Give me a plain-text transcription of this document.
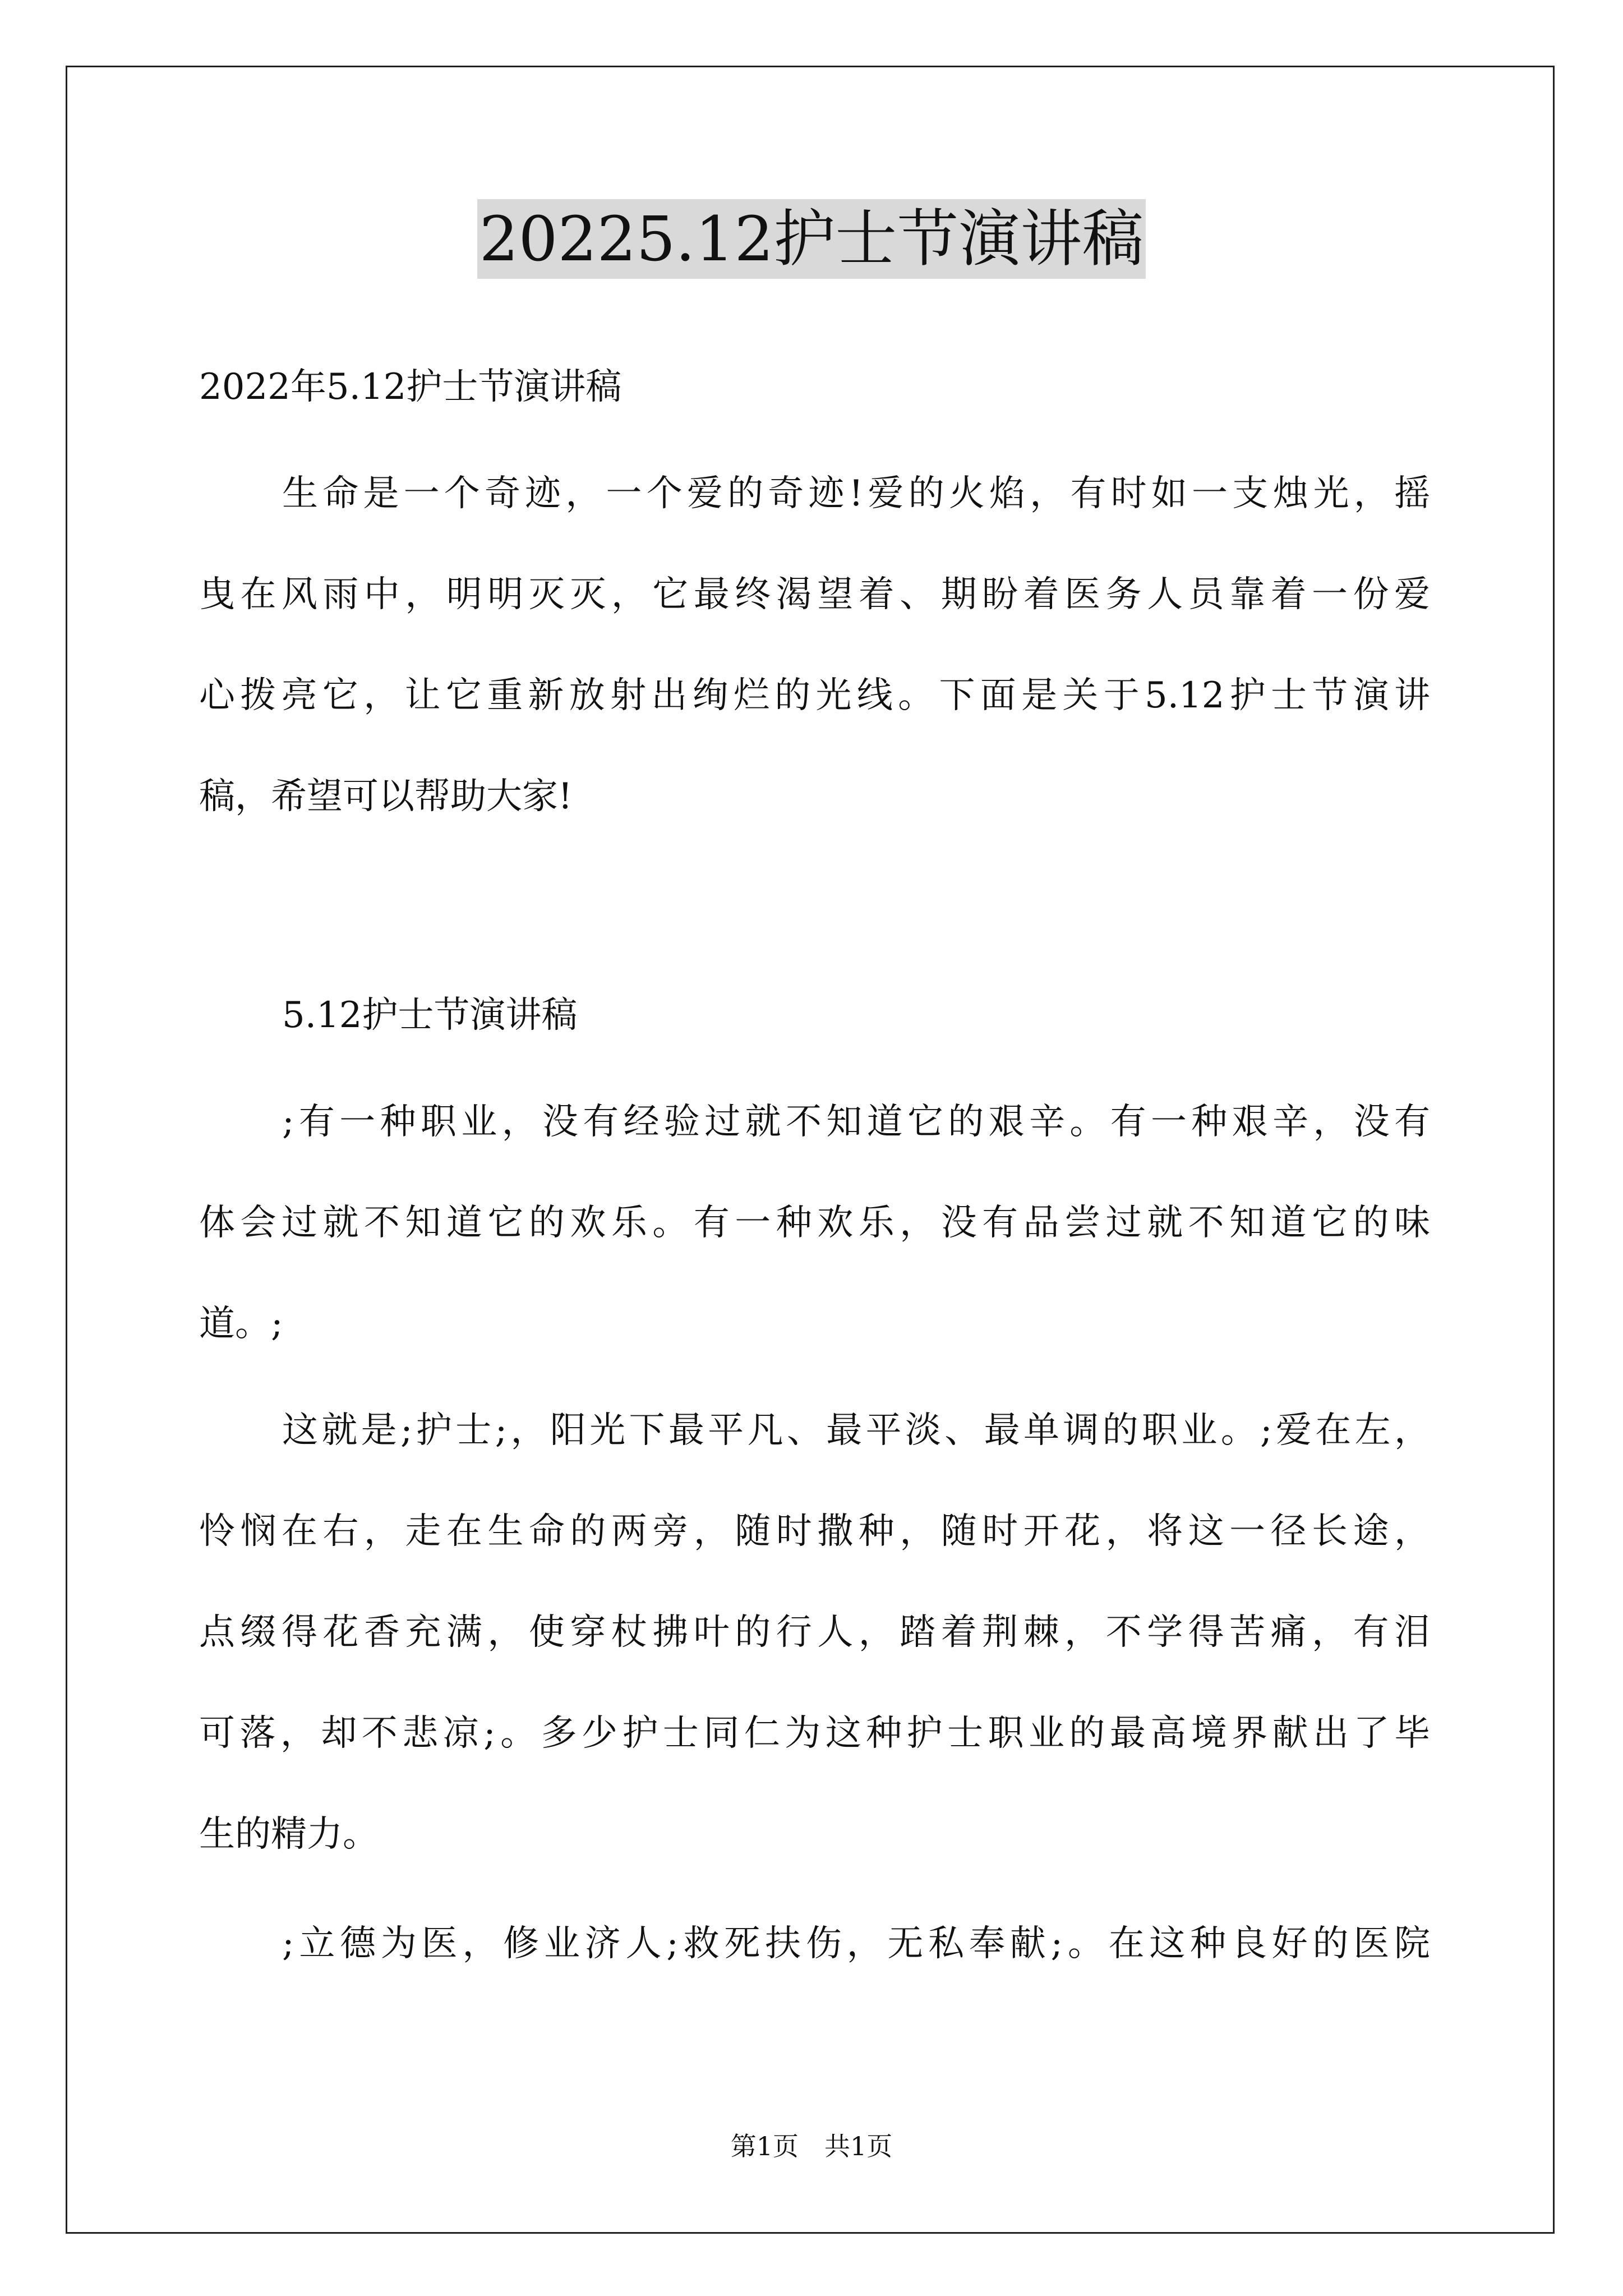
20225.12护士节演讲稿
2022年5.12护士节演讲稿
生命是一个奇迹，一个爱的奇迹!爱的火焰，有时如一支烛光，摇
曳在风雨中，明明灭灭，它最终渴望着、期盼着医务人员靠着一份爱
心拨亮它，让它重新放射出绚烂的光线。下面是关于5.12护士节演讲
稿，希望可以帮助大家!
5.12护士节演讲稿
;有一种职业，没有经验过就不知道它的艰辛。有一种艰辛，没有
体会过就不知道它的欢乐。有一种欢乐，没有品尝过就不知道它的味
道。;
这就是;护士;，阳光下最平凡、最平淡、最单调的职业。;爱在左，
怜悯在右，走在生命的两旁，随时撒种，随时开花，将这一径长途，
点缀得花香充满，使穿杖拂叶的行人，踏着荆棘，不学得苦痛，有泪
可落，却不悲凉;。多少护士同仁为这种护士职业的最高境界献出了毕
生的精力。
;立德为医，修业济人;救死扶伤，无私奉献;。在这种良好的医院
第1页　共1页
